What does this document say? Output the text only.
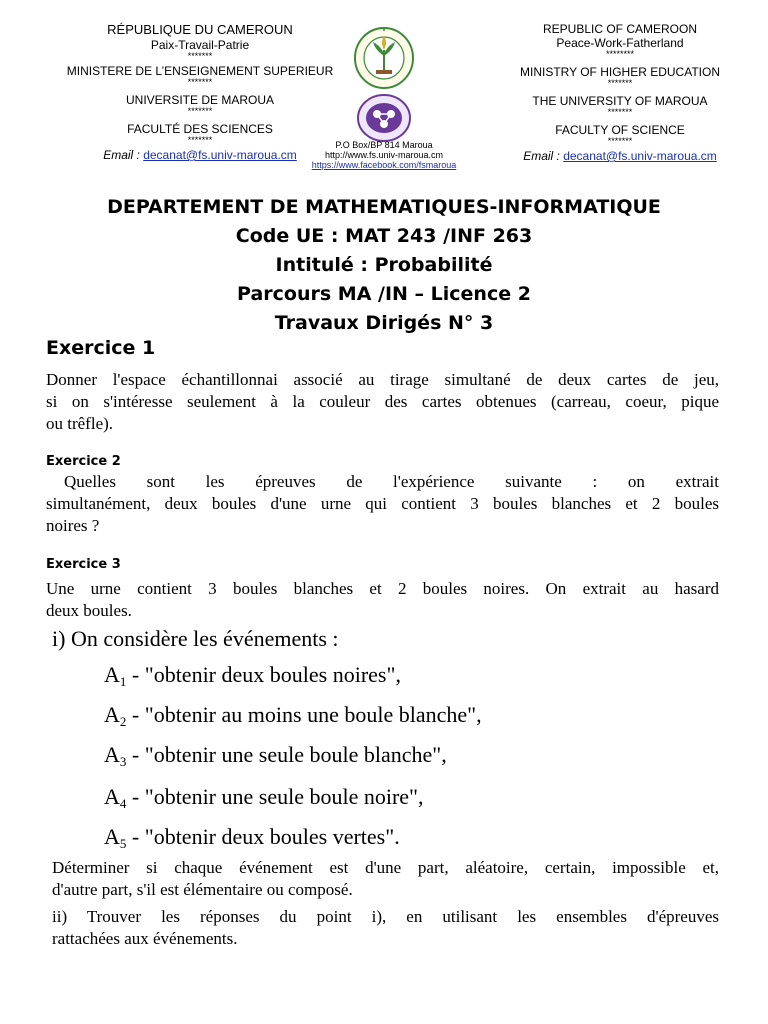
RÉPUBLIQUE DU CAMEROUN
Paix-Travail-Patrie
*******
MINISTERE DE L’ENSEIGNEMENT SUPERIEUR
*******
UNIVERSITE DE MAROUA
*******
FACULTÉ DES SCIENCES
*******
Email : decanat@fs.univ-maroua.cm
P.O Box/BP 814 Maroua
http://www.fs.univ-maroua.cm
https://www.facebook.com/fsmaroua
REPUBLIC OF CAMEROON
Peace-Work-Fatherland
********
MINISTRY OF HIGHER EDUCATION
*******
THE UNIVERSITY OF MAROUA
*******
FACULTY OF SCIENCE
*******
Email : decanat@fs.univ-maroua.cm
DEPARTEMENT DE MATHEMATIQUES-INFORMATIQUE
Code UE : MAT 243 /INF 263
Intitulé : Probabilité
Parcours MA /IN – Licence 2
Travaux Dirigés N° 3
Exercice 1
Donner l'espace échantillonnai associé au tirage simultané de deux cartes de jeu,
si on s'intéresse seulement à la couleur des cartes obtenues (carreau, coeur, pique
ou trêfle).
Exercice 2
Quelles sont les épreuves de l'expérience suivante : on extrait
simultanément, deux boules d'une urne qui contient 3 boules blanches et 2 boules
noires ?
Exercice 3
Une urne contient 3 boules blanches et 2 boules noires. On extrait au hasard
deux boules.
i) On considère les événements :
$A_1$ - "obtenir deux boules noires",
$A_2$ - "obtenir au moins une boule blanche",
$A_3$ - "obtenir une seule boule blanche",
$A_4$ - "obtenir une seule boule noire",
$A_5$ - "obtenir deux boules vertes".
Déterminer si chaque événement est d'une part, aléatoire, certain, impossible et,
d'autre part, s'il est élémentaire ou composé.
ii) Trouver les réponses du point i), en utilisant les ensembles d'épreuves
rattachées aux événements.
